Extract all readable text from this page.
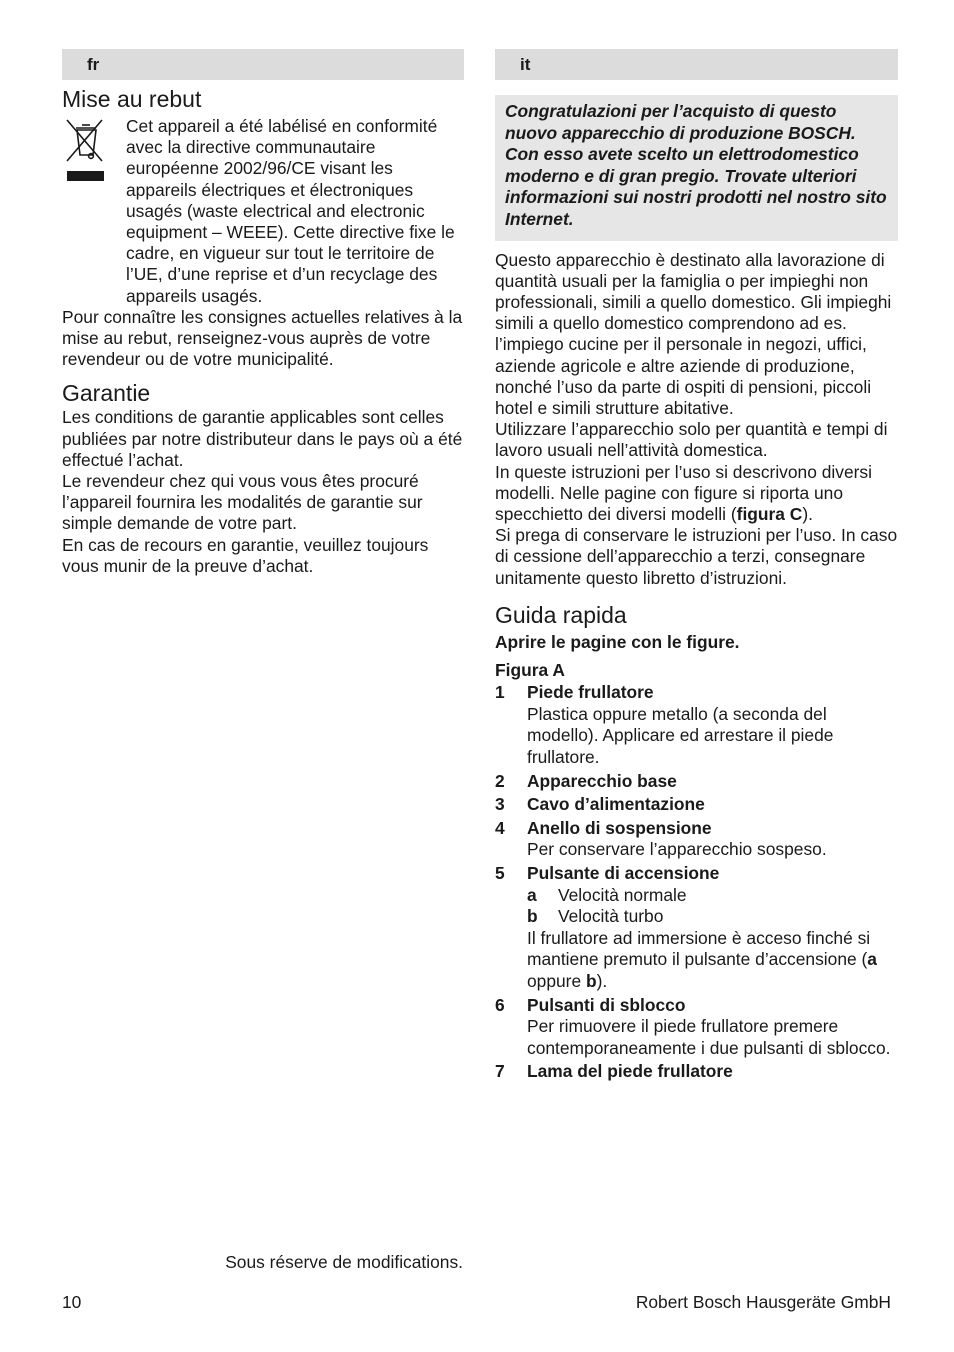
fr
Mise au rebut

Cet appareil a été labélisé en conformité avec la directive communautaire européenne 2002/96/CE visant les appareils électriques et électroniques usagés (waste electrical and electronic equipment – WEEE). Cette directive fixe le cadre, en vigueur sur tout le territoire de l’UE, d’une reprise et d’un recyclage des appareils usagés.

Pour connaître les consignes actuelles relatives à la mise au rebut, renseignez-vous auprès de votre revendeur ou de votre municipalité.

Garantie

Les conditions de garantie applicables sont celles publiées par notre distributeur dans le pays où a été effectué l’achat.

Le revendeur chez qui vous vous êtes procuré l’appareil fournira les modalités de garantie sur simple demande de votre part.

En cas de recours en garantie, veuillez toujours vous munir de la preuve d’achat.

it
Congratulazioni per l’acquisto di questo nuovo apparecchio di produzione BOSCH. Con esso avete scelto un elettrodomestico moderno e di gran pregio. Trovate ulteriori informazioni sui nostri prodotti nel nostro sito Internet.

Questo apparecchio è destinato alla lavorazione di quantità usuali per la famiglia o per impieghi non professionali, simili a quello domestico. Gli impieghi simili a quello domestico comprendono ad es. l’impiego cucine per il personale in negozi, uffici, aziende agricole e altre aziende di produzione, nonché l’uso da parte di ospiti di pensioni, piccoli hotel e simili strutture abitative.

Utilizzare l’apparecchio solo per quantità e tempi di lavoro usuali nell’attività domestica.

In queste istruzioni per l’uso si descrivono diversi modelli. Nelle pagine con figure si riporta uno specchietto dei diversi modelli (figura C).

Si prega di conservare le istruzioni per l’uso. In caso di cessione dell’apparecchio a terzi, consegnare unitamente questo libretto d’istruzioni.

Guida rapida

Aprire le pagine con le figure.

Figura A

1	Piede frullatore
Plastica oppure metallo (a seconda del modello). Applicare ed arrestare il piede frullatore.
2	Apparecchio base
3	Cavo d’alimentazione
4	Anello di sospensione
Per conservare l’apparecchio sospeso.
5	Pulsante di accensione
a	Velocità normale
b	Velocità turbo
Il frullatore ad immersione è acceso finché si mantiene premuto il pulsante d’accensione (a oppure b).
6	Pulsanti di sblocco
Per rimuovere il piede frullatore premere contemporaneamente i due pulsanti di sblocco.
7	Lama del piede frullatore
Sous réserve de modifications.
10	Robert Bosch Hausgeräte GmbH
